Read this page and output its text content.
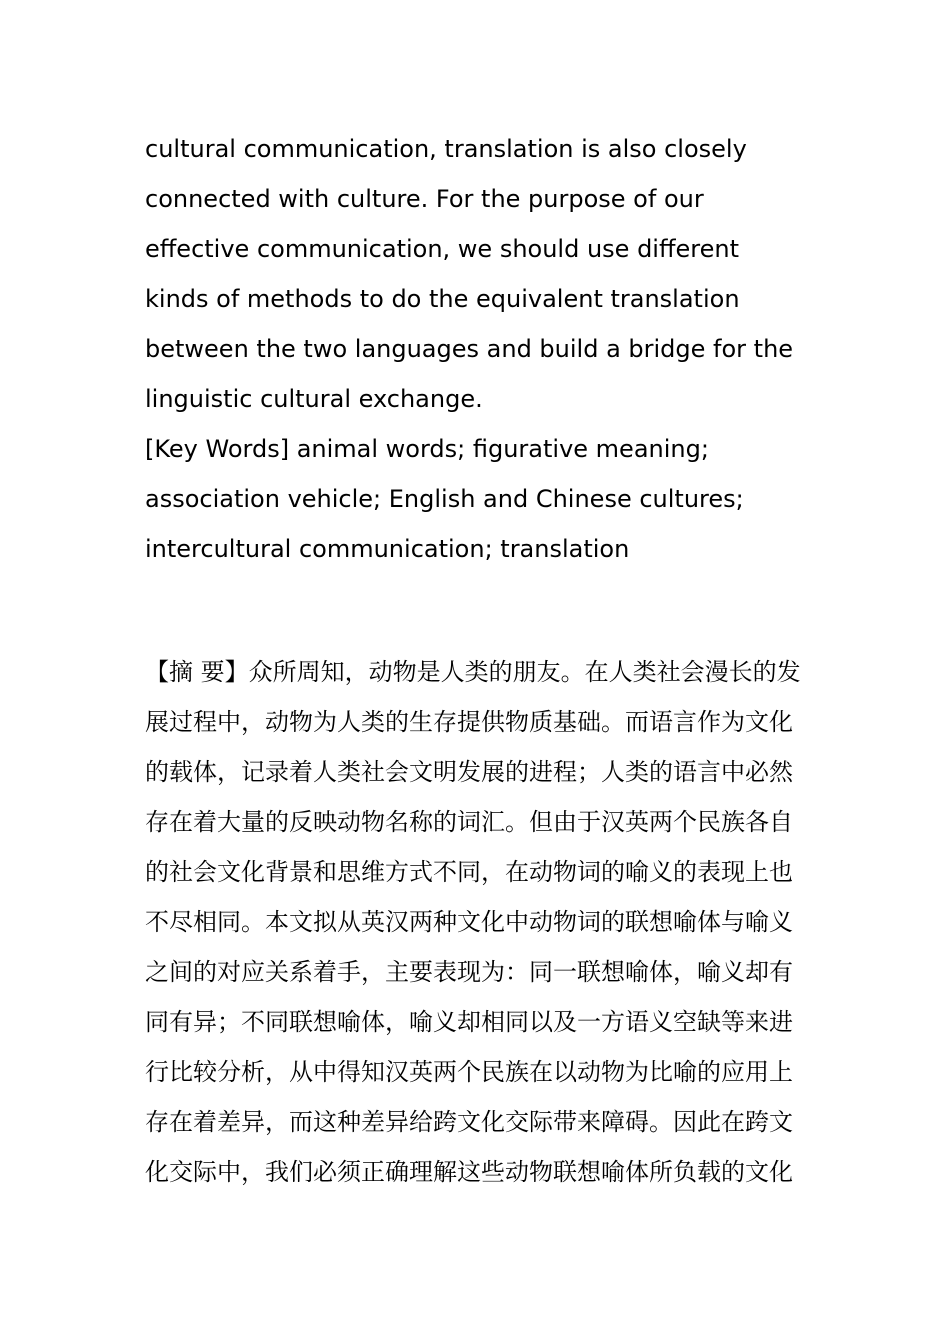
cultural communication, translation is also closely
connected with culture. For the purpose of our
effective communication, we should use different
kinds of methods to do the equivalent translation
between the two languages and build a bridge for the
linguistic cultural exchange.
[Key Words] animal words; figurative meaning;
association vehicle; English and Chinese cultures;
intercultural communication; translation
【摘 要】众所周知，动物是人类的朋友。在人类社会漫长的发
展过程中，动物为人类的生存提供物质基础。而语言作为文化
的载体，记录着人类社会文明发展的进程；人类的语言中必然
存在着大量的反映动物名称的词汇。但由于汉英两个民族各自
的社会文化背景和思维方式不同，在动物词的喻义的表现上也
不尽相同。本文拟从英汉两种文化中动物词的联想喻体与喻义
之间的对应关系着手，主要表现为：同一联想喻体，喻义却有
同有异；不同联想喻体，喻义却相同以及一方语义空缺等来进
行比较分析，从中得知汉英两个民族在以动物为比喻的应用上
存在着差异，而这种差异给跨文化交际带来障碍。因此在跨文
化交际中，我们必须正确理解这些动物联想喻体所负载的文化
